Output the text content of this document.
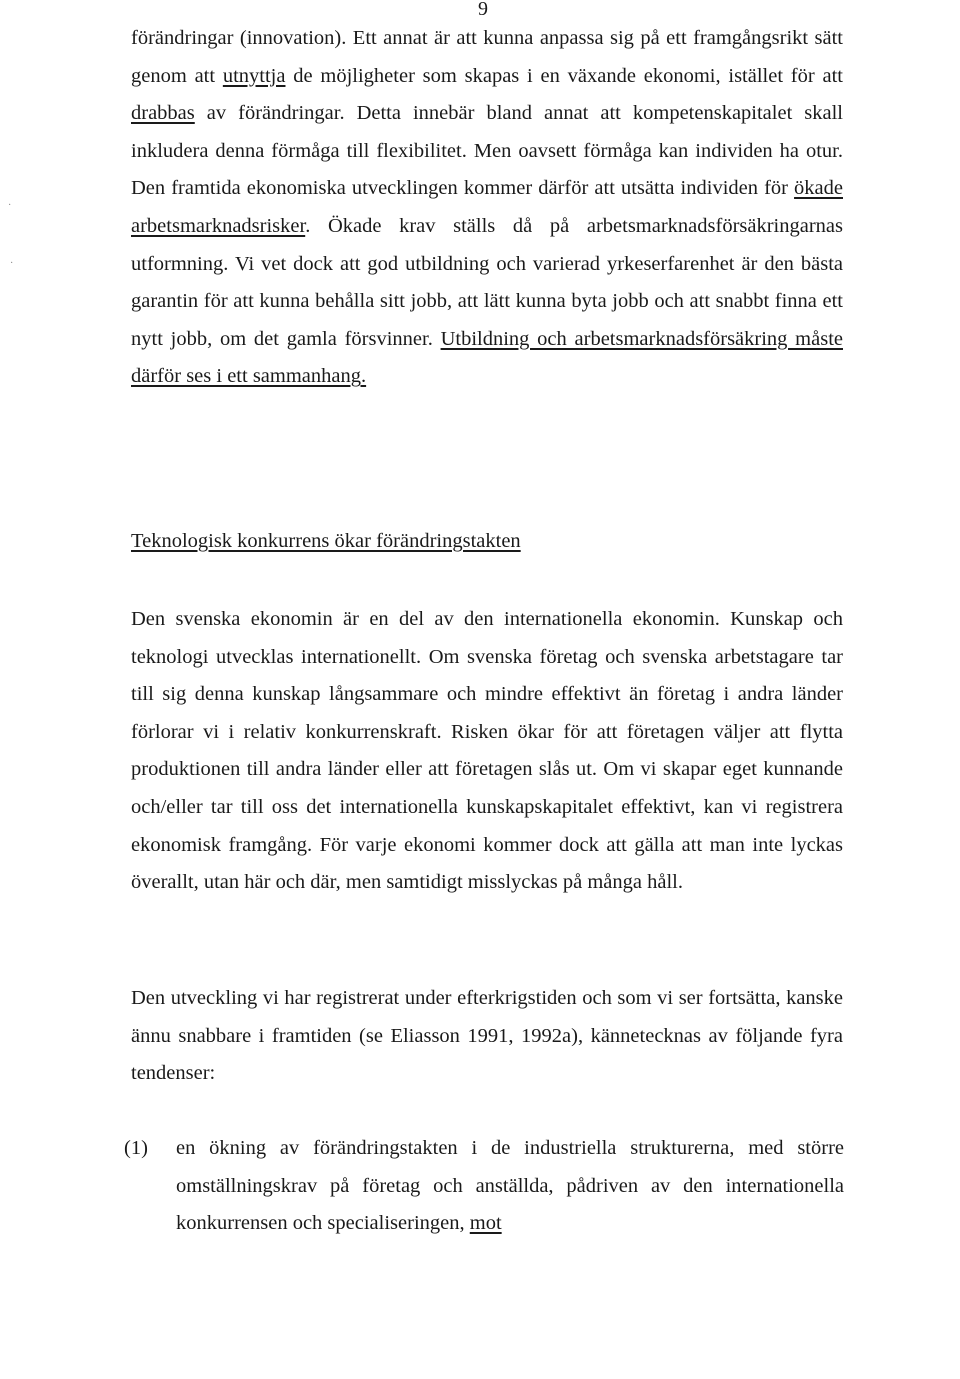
9

förändringar (innovation). Ett annat är att kunna anpassa sig på ett framgångsrikt sätt genom att utnyttja de möjligheter som skapas i en växande ekonomi, istället för att drabbas av förändringar. Detta innebär bland annat att kompetenskapitalet skall inkludera denna förmåga till flexibilitet. Men oavsett förmåga kan individen ha otur. Den framtida ekonomiska utvecklingen kommer därför att utsätta individen för ökade arbetsmarknadsrisker. Ökade krav ställs då på arbetsmarknadsförsäkringarnas utformning. Vi vet dock att god utbildning och varierad yrkeserfarenhet är den bästa garantin för att kunna behålla sitt jobb, att lätt kunna byta jobb och att snabbt finna ett nytt jobb, om det gamla försvinner. Utbildning och arbetsmarknadsförsäkring måste därför ses i ett sammanhang.

Teknologisk konkurrens ökar förändringstakten

Den svenska ekonomin är en del av den internationella ekonomin. Kunskap och teknologi utvecklas internationellt. Om svenska företag och svenska arbetstagare tar till sig denna kunskap långsammare och mindre effektivt än företag i andra länder förlorar vi i relativ konkurrenskraft. Risken ökar för att företagen väljer att flytta produktionen till andra länder eller att företagen slås ut. Om vi skapar eget kunnande och/eller tar till oss det internationella kunskapskapitalet effektivt, kan vi registrera ekonomisk framgång. För varje ekonomi kommer dock att gälla att man inte lyckas överallt, utan här och där, men samtidigt misslyckas på många håll.

Den utveckling vi har registrerat under efterkrigstiden och som vi ser fortsätta, kanske ännu snabbare i framtiden (se Eliasson 1991, 1992a), kännetecknas av följande fyra tendenser:

(1) en ökning av förändringstakten i de industriella strukturerna, med större omställningskrav på företag och anställda, pådriven av den internationella konkurrensen och specialiseringen, mot

·
·
